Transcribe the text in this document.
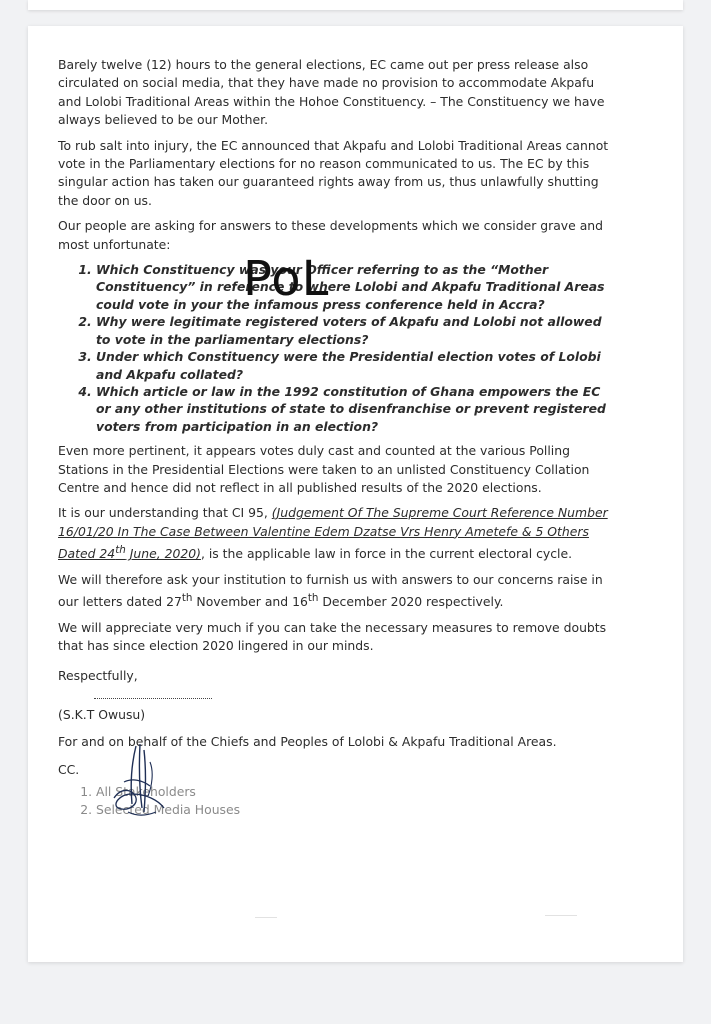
Barely twelve (12) hours to the general elections, EC came out per press release also circulated on social media, that they have made no provision to accommodate Akpafu and Lolobi Traditional Areas within the Hohoe Constituency. – The Constituency we have always believed to be our Mother.

To rub salt into injury, the EC announced that Akpafu and Lolobi Traditional Areas cannot vote in the Parliamentary elections for no reason communicated to us. The EC by this singular action has taken our guaranteed rights away from us, thus unlawfully shutting the door on us.

Our people are asking for answers to these developments which we consider grave and most unfortunate:

1. Which Constituency was your Officer referring to as the “Mother Constituency” in reference to where Lolobi and Akpafu Traditional Areas could vote in your the infamous press conference held in Accra?
2. Why were legitimate registered voters of Akpafu and Lolobi not allowed to vote in the parliamentary elections?
3. Under which Constituency were the Presidential election votes of Lolobi and Akpafu collated?
4. Which article or law in the 1992 constitution of Ghana empowers the EC or any other institutions of state to disenfranchise or prevent registered voters from participation in an election?

Even more pertinent, it appears votes duly cast and counted at the various Polling Stations in the Presidential Elections were taken to an unlisted Constituency Collation Centre and hence did not reflect in all published results of the 2020 elections.

It is our understanding that CI 95, (Judgement Of The Supreme Court Reference Number 16/01/20 In The Case Between Valentine Edem Dzatse Vrs Henry Ametefe & 5 Others Dated 24th June, 2020), is the applicable law in force in the current electoral cycle.

We will therefore ask your institution to furnish us with answers to our concerns raise in our letters dated 27th November and 16th December 2020 respectively.

We will appreciate very much if you can take the necessary measures to remove doubts that has since election 2020 lingered in our minds.

Respectfully,

(S.K.T Owusu)

For and on behalf of the Chiefs and Peoples of Lolobi & Akpafu Traditional Areas.

CC.

1. All Stakeholders
2. Selected Media Houses
PoL
